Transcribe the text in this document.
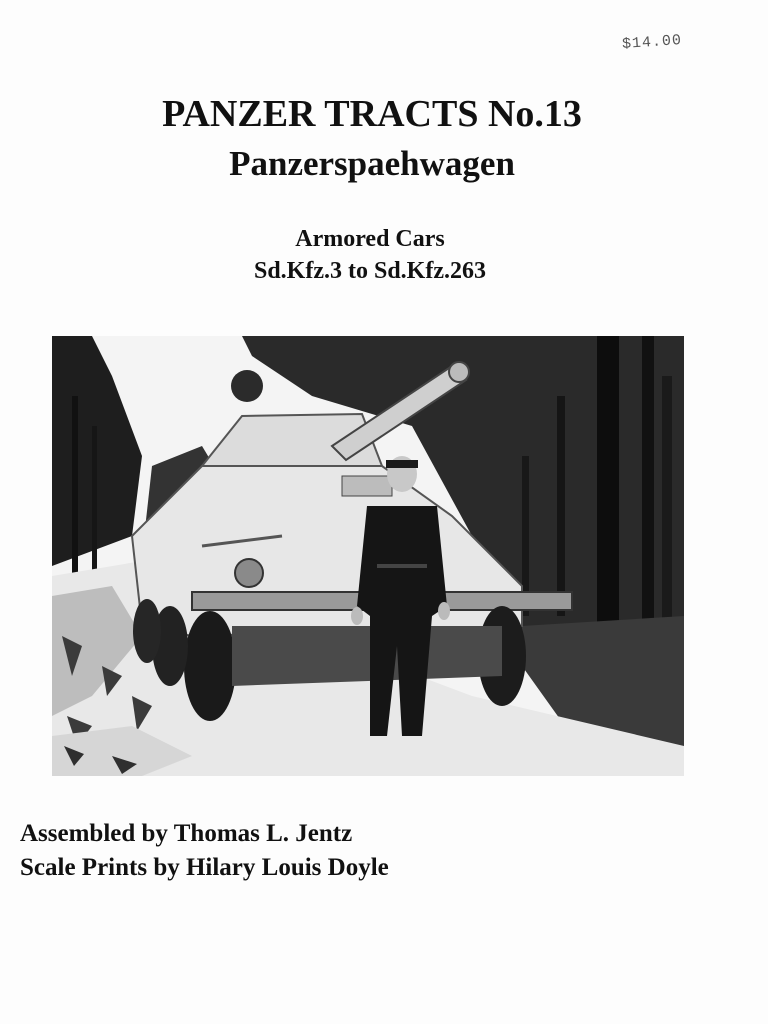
$14.00
PANZER TRACTS No.13
Panzerspaehwagen
Armored Cars
Sd.Kfz.3 to Sd.Kfz.263
Assembled by Thomas L. Jentz
Scale Prints by Hilary Louis Doyle
